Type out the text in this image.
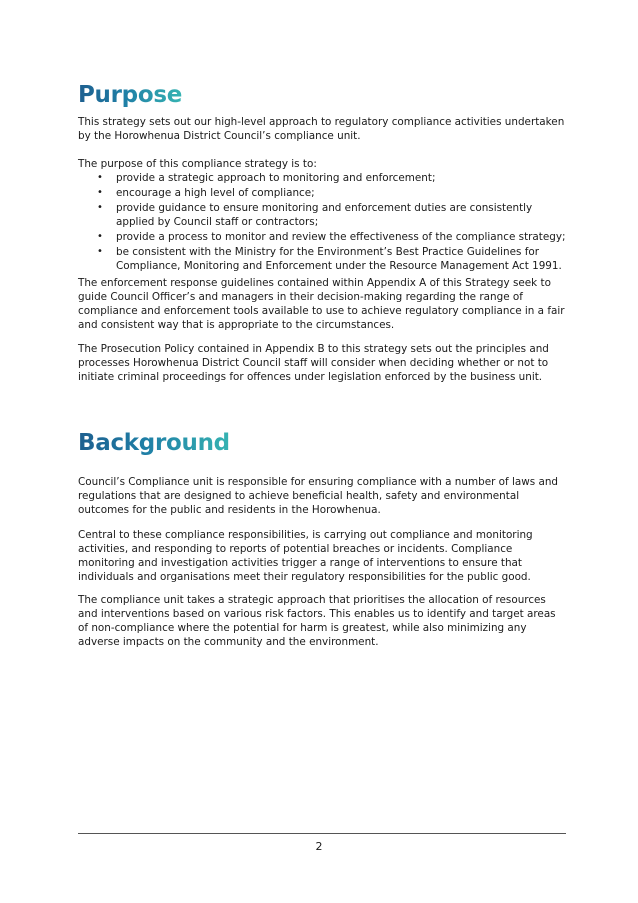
Purpose

This strategy sets out our high-level approach to regulatory compliance activities undertaken by the Horowhenua District Council’s compliance unit.

The purpose of this compliance strategy is to:

• provide a strategic approach to monitoring and enforcement;
• encourage a high level of compliance;
• provide guidance to ensure monitoring and enforcement duties are consistently applied by Council staff or contractors;
• provide a process to monitor and review the effectiveness of the compliance strategy;
• be consistent with the Ministry for the Environment’s Best Practice Guidelines for Compliance, Monitoring and Enforcement under the Resource Management Act 1991.

The enforcement response guidelines contained within Appendix A of this Strategy seek to guide Council Officer’s and managers in their decision-making regarding the range of compliance and enforcement tools available to use to achieve regulatory compliance in a fair and consistent way that is appropriate to the circumstances.

The Prosecution Policy contained in Appendix B to this strategy sets out the principles and processes Horowhenua District Council staff will consider when deciding whether or not to initiate criminal proceedings for offences under legislation enforced by the business unit.

Background

Council’s Compliance unit is responsible for ensuring compliance with a number of laws and regulations that are designed to achieve beneficial health, safety and environmental outcomes for the public and residents in the Horowhenua.

Central to these compliance responsibilities, is carrying out compliance and monitoring activities, and responding to reports of potential breaches or incidents. Compliance monitoring and investigation activities trigger a range of interventions to ensure that individuals and organisations meet their regulatory responsibilities for the public good.

The compliance unit takes a strategic approach that prioritises the allocation of resources and interventions based on various risk factors. This enables us to identify and target areas of non-compliance where the potential for harm is greatest, while also minimizing any adverse impacts on the community and the environment.

2
